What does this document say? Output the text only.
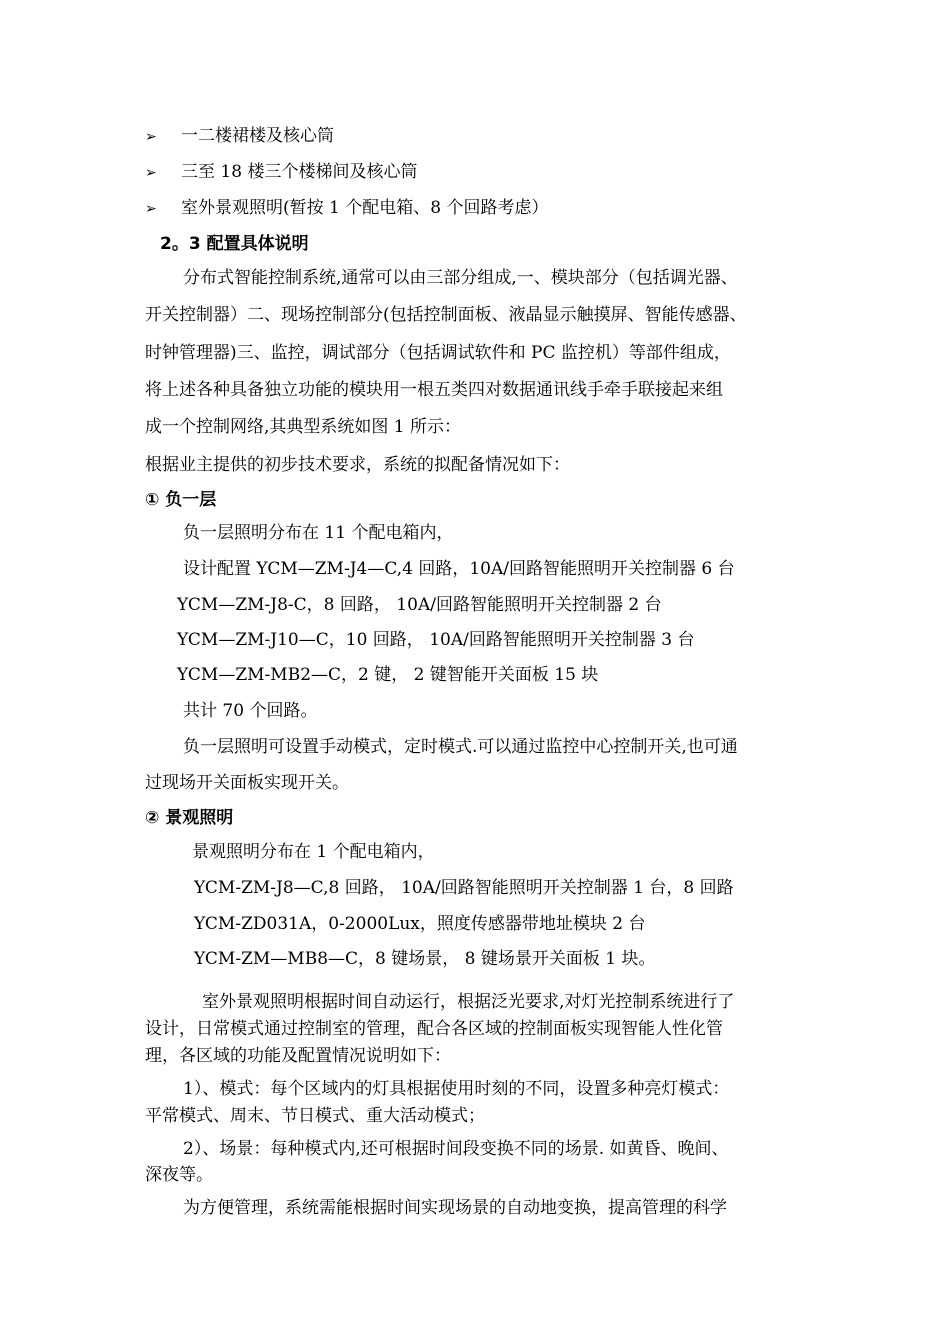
➢ 一二楼裙楼及核心筒
➢ 三至 18 楼三个楼梯间及核心筒
➢ 室外景观照明(暂按 1 个配电箱、8 个回路考虑）
2。3 配置具体说明
分布式智能控制系统,通常可以由三部分组成,一、模块部分（包括调光器、
开关控制器）二、现场控制部分(包括控制面板、液晶显示触摸屏、智能传感器、
时钟管理器)三、监控，调试部分（包括调试软件和 PC 监控机）等部件组成，
将上述各种具备独立功能的模块用一根五类四对数据通讯线手牵手联接起来组
成一个控制网络,其典型系统如图 1 所示：
根据业主提供的初步技术要求，系统的拟配备情况如下：
① 负一层
负一层照明分布在 11 个配电箱内，
设计配置 YCM—ZM-J4—C,4 回路，10A/回路智能照明开关控制器 6 台
YCM—ZM-J8-C，8 回路， 10A/回路智能照明开关控制器 2 台
YCM—ZM-J10—C，10 回路， 10A/回路智能照明开关控制器 3 台
YCM—ZM-MB2—C，2 键， 2 键智能开关面板 15 块
共计 70 个回路。
负一层照明可设置手动模式，定时模式.可以通过监控中心控制开关,也可通
过现场开关面板实现开关。
② 景观照明
景观照明分布在 1 个配电箱内，
YCM-ZM-J8—C,8 回路， 10A/回路智能照明开关控制器 1 台，8 回路
YCM-ZD031A，0-2000Lux，照度传感器带地址模块 2 台
YCM-ZM—MB8—C，8 键场景， 8 键场景开关面板 1 块。
室外景观照明根据时间自动运行，根据泛光要求,对灯光控制系统进行了
设计，日常模式通过控制室的管理，配合各区域的控制面板实现智能人性化管
理，各区域的功能及配置情况说明如下：
1）、模式：每个区域内的灯具根据使用时刻的不同，设置多种亮灯模式：
平常模式、周末、节日模式、重大活动模式；
2）、场景：每种模式内,还可根据时间段变换不同的场景. 如黄昏、晚间、
深夜等。
为方便管理，系统需能根据时间实现场景的自动地变换，提高管理的科学
